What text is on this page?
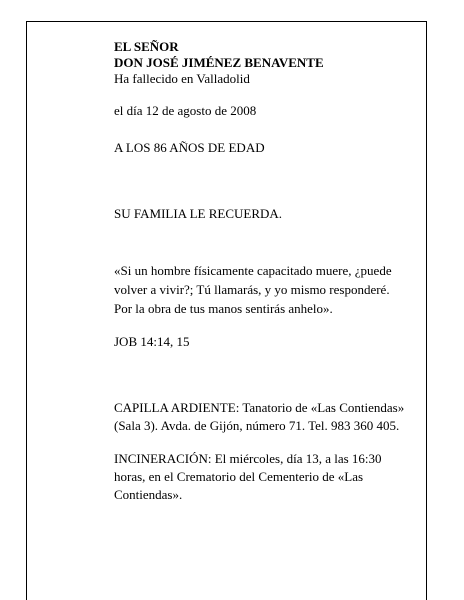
EL SEÑOR

DON JOSÉ JIMÉNEZ BENAVENTE

Ha fallecido en Valladolid

el día 12 de agosto de 2008

A LOS 86 AÑOS DE EDAD

SU FAMILIA LE RECUERDA.

«Si un hombre físicamente capacitado muere, ¿puede

volver a vivir?; Tú llamarás, y yo mismo responderé.

Por la obra de tus manos sentirás anhelo».

JOB 14:14, 15

CAPILLA ARDIENTE: Tanatorio de «Las Contiendas»

(Sala 3). Avda. de Gijón, número 71. Tel. 983 360 405.

INCINERACIÓN: El miércoles, día 13, a las 16:30

horas, en el Crematorio del Cementerio de «Las

Contiendas».
